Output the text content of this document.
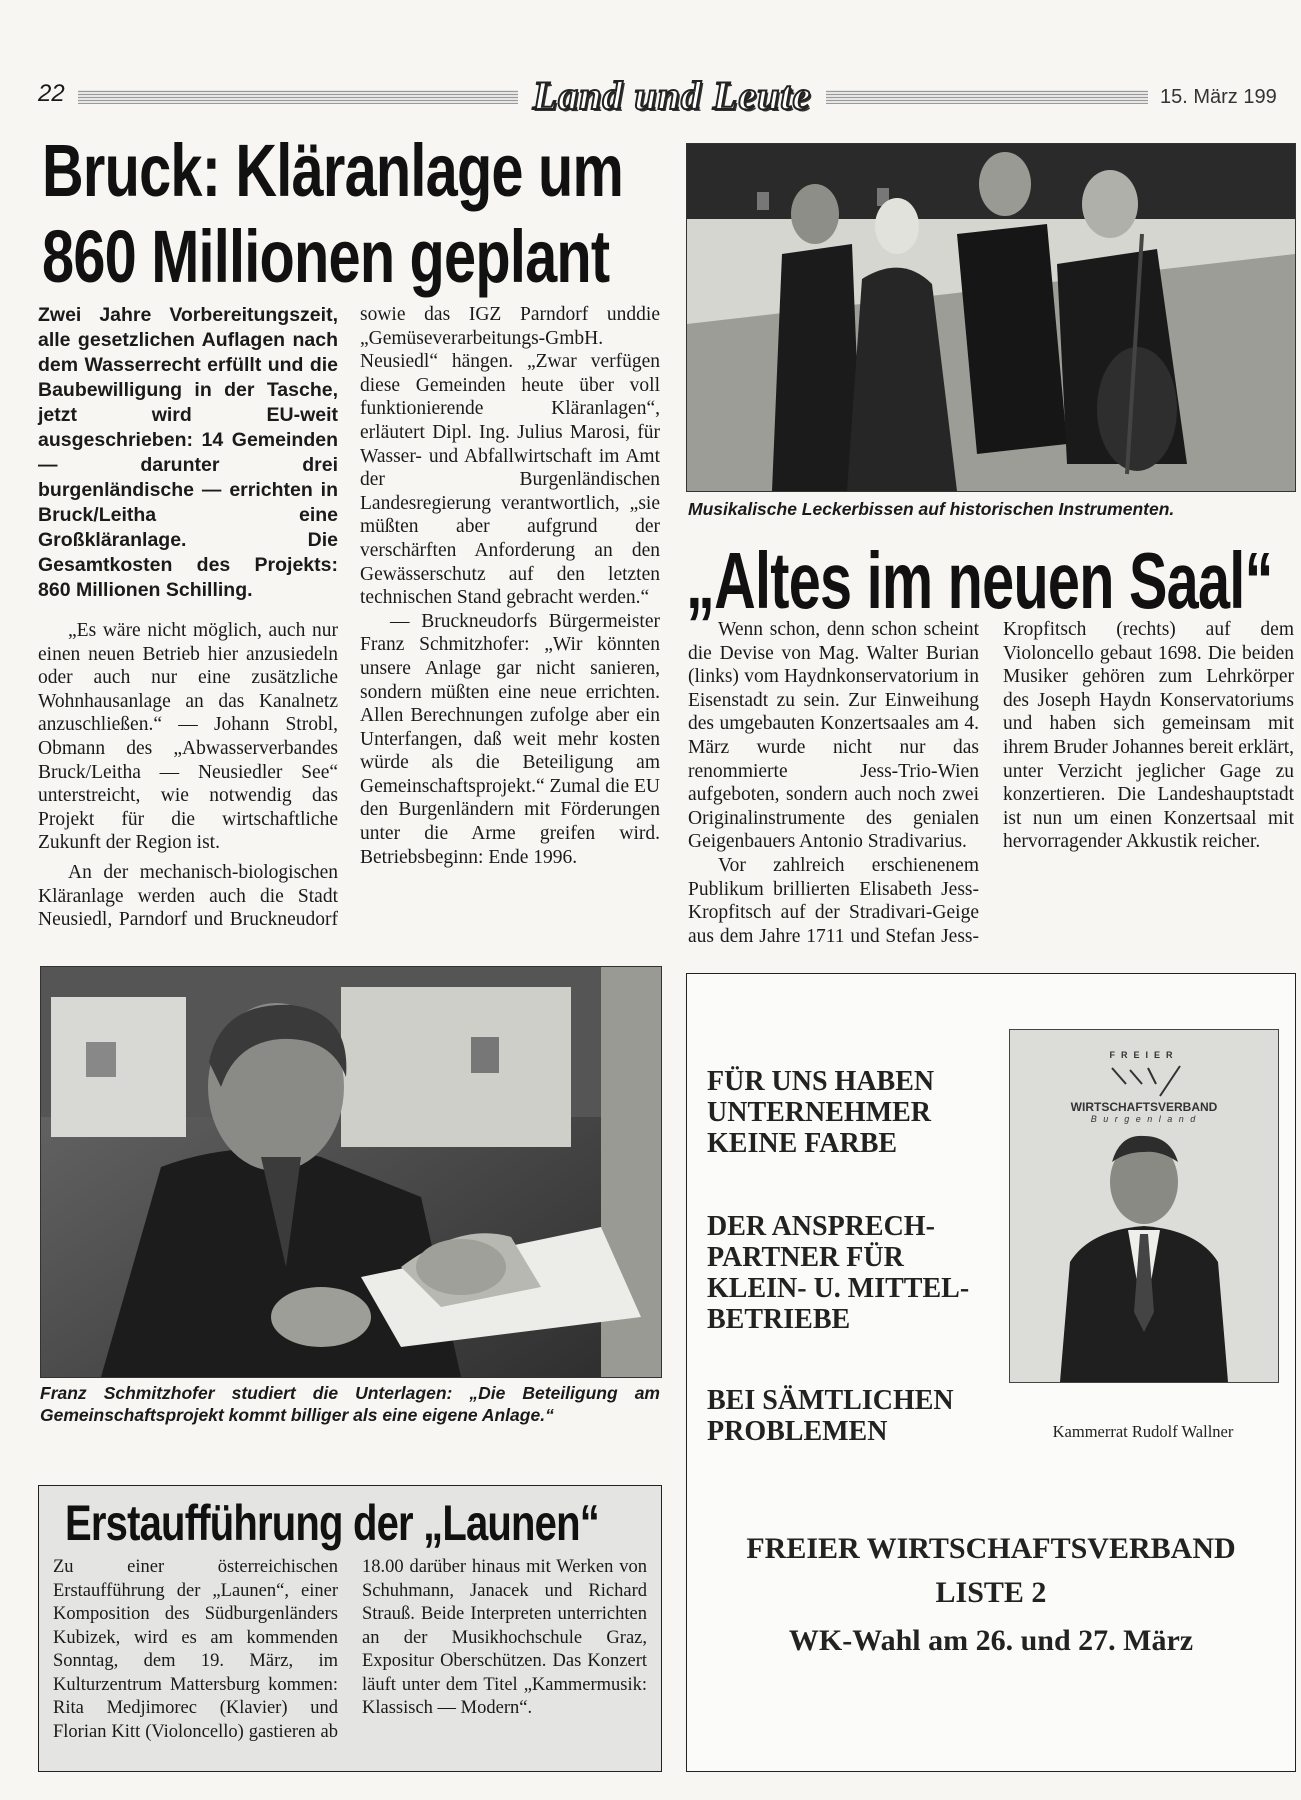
22	Land und Leute	15. März 199
Bruck: Kläranlage um
860 Millionen geplant
Zwei Jahre Vorbereitungszeit, alle gesetzlichen Auflagen nach dem Wasserrecht erfüllt und die Baubewilligung in der Tasche, jetzt wird EU-weit ausgeschrieben: 14 Gemeinden — darunter drei burgenländische — errichten in Bruck/Leitha eine Großkläranlage. Die Gesamtkosten des Projekts: 860 Millionen Schilling.

„Es wäre nicht möglich, auch nur einen neuen Betrieb hier anzusiedeln oder auch nur eine zusätzliche Wohnhausanlage an das Kanalnetz anzuschließen.“ — Johann Strobl, Obmann des „Abwasserverbandes Bruck/Leitha — Neusiedler See“ unterstreicht, wie notwendig das Projekt für die wirtschaftliche Zukunft der Region ist.

An der mechanisch-biologischen Kläranlage werden auch die Stadt Neusiedl, Parndorf und Bruckneudorf sowie das IGZ Parndorf unddie „Gemüseverarbeitungs-GmbH. Neusiedl“ hängen. „Zwar verfügen diese Gemeinden heute über voll funktionierende Kläranlagen“, erläutert Dipl. Ing. Julius Marosi, für Wasser- und Abfallwirtschaft im Amt der Burgenländischen Landesregierung verantwortlich, „sie müßten aber aufgrund der verschärften Anforderung an den Gewässerschutz auf den letzten technischen Stand gebracht werden.“

— Bruckneudorfs Bürgermeister Franz Schmitzhofer: „Wir könnten unsere Anlage gar nicht sanieren, sondern müßten eine neue errichten. Allen Berechnungen zufolge aber ein Unterfangen, daß weit mehr kosten würde als die Beteiligung am Gemeinschaftsprojekt.“ Zumal die EU den Burgenländern mit Förderungen unter die Arme greifen wird. Betriebsbeginn: Ende 1996.

Franz Schmitzhofer studiert die Unterlagen: „Die Beteiligung am Gemeinschaftsprojekt kommt billiger als eine eigene Anlage.“
Erstaufführung der „Launen“
Zu einer österreichischen Erstaufführung der „Launen“, einer Komposition des Südburgenländers Kubizek, wird es am kommenden Sonntag, dem 19. März, im Kulturzentrum Mattersburg kommen: Rita Medjimorec (Klavier) und Florian Kitt (Violoncello) gastieren ab 18.00 darüber hinaus mit Werken von Schuhmann, Janacek und Richard Strauß. Beide Interpreten unterrichten an der Musikhochschule Graz, Expositur Oberschützen. Das Konzert läuft unter dem Titel „Kammermusik: Klassisch — Modern“.
Musikalische Leckerbissen auf historischen Instrumenten.
„Altes im neuen Saal“

Wenn schon, denn schon scheint die Devise von Mag. Walter Burian (links) vom Haydnkonservatorium in Eisenstadt zu sein. Zur Einweihung des umgebauten Konzertsaales am 4. März wurde nicht nur das renommierte Jess-Trio-Wien aufgeboten, sondern auch noch zwei Originalinstrumente des genialen Geigenbauers Antonio Stradivarius.

Vor zahlreich erschienenem Publikum brillierten Elisabeth Jess-Kropfitsch auf der Stradivari-Geige aus dem Jahre 1711 und Stefan Jess-Kropfitsch (rechts) auf dem Violoncello gebaut 1698. Die beiden Musiker gehören zum Lehrkörper des Joseph Haydn Konservatoriums und haben sich gemeinsam mit ihrem Bruder Johannes bereit erklärt, unter Verzicht jeglicher Gage zu konzertieren. Die Landeshauptstadt ist nun um einen Konzertsaal mit hervorragender Akkustik reicher.

FÜR UNS HABEN
UNTERNEHMER
KEINE FARBE
DER ANSPRECH-
PARTNER FÜR
KLEIN- U. MITTEL-
BETRIEBE
BEI SÄMTLICHEN
PROBLEMEN
FREIER
WIRTSCHAFTSVERBAND
B u r g e n l a n d
Kammerrat Rudolf Wallner
FREIER WIRTSCHAFTSVERBAND
LISTE 2
WK-Wahl am 26. und 27. März
